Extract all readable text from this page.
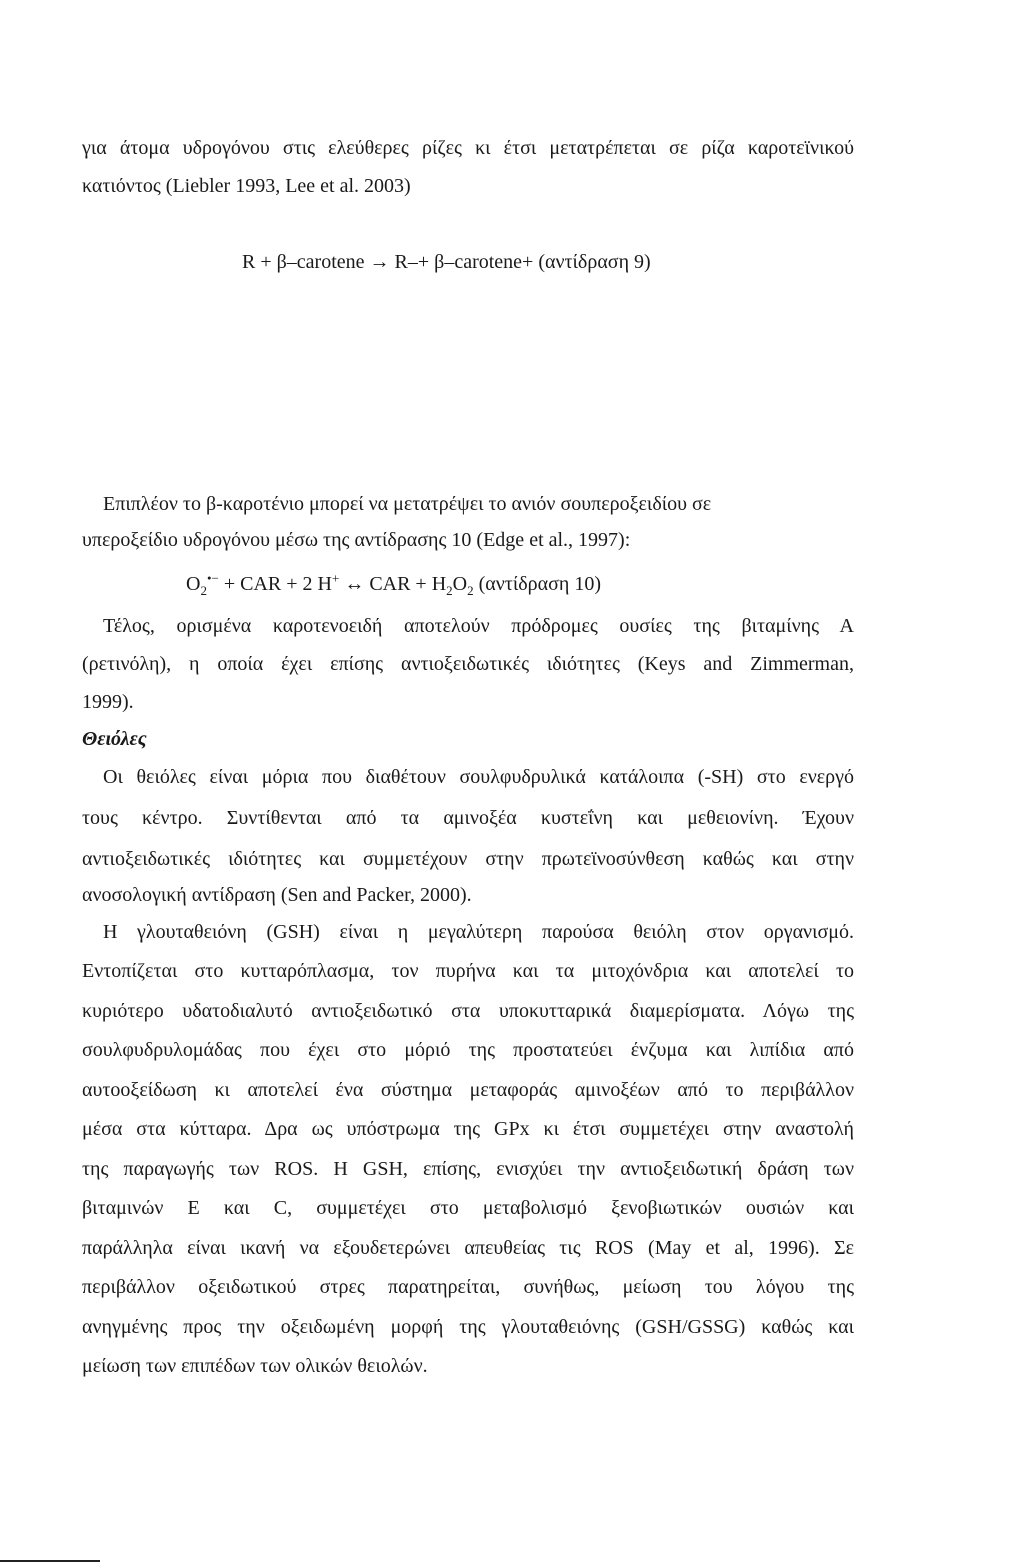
για άτομα υδρογόνου στις ελεύθερες ρίζες κι έτσι μετατρέπεται σε ρίζα καροτεϊνικού
κατιόντος (Liebler 1993, Lee et al. 2003)
R + β–carotene → R–+ β–carotene+ (αντίδραση 9)
Επιπλέον το β-καροτένιο μπορεί να μετατρέψει το ανιόν σουπεροξειδίου σε
υπεροξείδιο υδρογόνου μέσω της αντίδρασης 10 (Edge et al., 1997):
$O_2^{•-}$ + CAR + 2 H+ ↔ CAR + $H_2O_2$ (αντίδραση 10)
Τέλος, ορισμένα καροτενοειδή αποτελούν πρόδρομες ουσίες της βιταμίνης Α
(ρετινόλη), η οποία έχει επίσης αντιοξειδωτικές ιδιότητες (Keys and Zimmerman,
1999).
Θειόλες
Οι θειόλες είναι μόρια που διαθέτουν σουλφυδρυλικά κατάλοιπα (-SH) στο ενεργό
τους κέντρο. Συντίθενται από τα αμινοξέα κυστεΐνη και μεθειονίνη. Έχουν
αντιοξειδωτικές ιδιότητες και συμμετέχουν στην πρωτεϊνοσύνθεση καθώς και στην
ανοσολογική αντίδραση (Sen and Packer, 2000).
Η γλουταθειόνη (GSH) είναι η μεγαλύτερη παρούσα θειόλη στον οργανισμό.
Εντοπίζεται στο κυτταρόπλασμα, τον πυρήνα και τα μιτοχόνδρια και αποτελεί το
κυριότερο υδατοδιαλυτό αντιοξειδωτικό στα υποκυτταρικά διαμερίσματα. Λόγω της
σουλφυδρυλομάδας που έχει στο μόριό της προστατεύει ένζυμα και λιπίδια από
αυτοοξείδωση κι αποτελεί ένα σύστημα μεταφοράς αμινοξέων από το περιβάλλον
μέσα στα κύτταρα. Δρα ως υπόστρωμα της GPx κι έτσι συμμετέχει στην αναστολή
της παραγωγής των ROS. Η GSH, επίσης, ενισχύει την αντιοξειδωτική δράση των
βιταμινών Ε και C, συμμετέχει στο μεταβολισμό ξενοβιωτικών ουσιών και
παράλληλα είναι ικανή να εξουδετερώνει απευθείας τις ROS (May et al, 1996). Σε
περιβάλλον οξειδωτικού στρες παρατηρείται, συνήθως, μείωση του λόγου της
ανηγμένης προς την οξειδωμένη μορφή της γλουταθειόνης (GSH/GSSG) καθώς και
μείωση των επιπέδων των ολικών θειολών.
